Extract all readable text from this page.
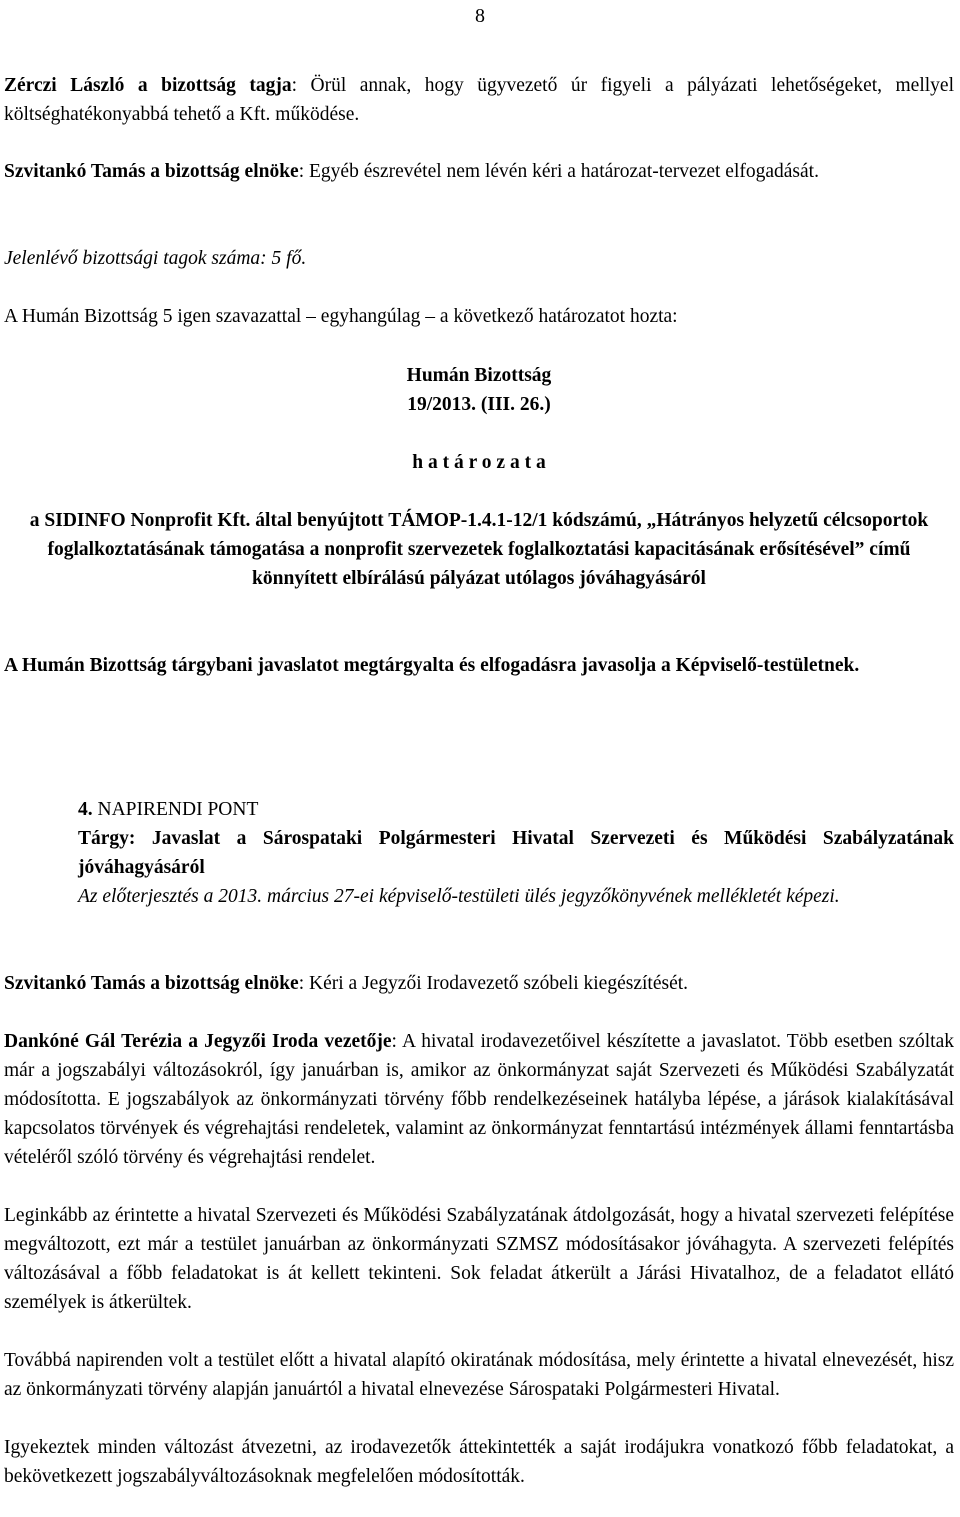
8

Zérczi László a bizottság tagja: Örül annak, hogy ügyvezető úr figyeli a pályázati lehetőségeket, mellyel költséghatékonyabbá tehető a Kft. működése.

Szvitankó Tamás a bizottság elnöke: Egyéb észrevétel nem lévén kéri a határozat-tervezet elfogadását.

Jelenlévő bizottsági tagok száma: 5 fő.

A Humán Bizottság 5 igen szavazattal – egyhangúlag – a következő határozatot hozta:

Humán Bizottság

19/2013. (III. 26.)

h a t á r o z a t a

a SIDINFO Nonprofit Kft. által benyújtott TÁMOP-1.4.1-12/1 kódszámú, „Hátrányos helyzetű célcsoportok foglalkoztatásának támogatása a nonprofit szervezetek foglalkoztatási kapacitásának erősítésével” című könnyített elbírálású pályázat utólagos jóváhagyásáról

A Humán Bizottság tárgybani javaslatot megtárgyalta és elfogadásra javasolja a Képviselő-testületnek.

4. NAPIRENDI PONT

Tárgy: Javaslat a Sárospataki Polgármesteri Hivatal Szervezeti és Működési Szabályzatának jóváhagyásáról

Az előterjesztés a 2013. március 27-ei képviselő-testületi ülés jegyzőkönyvének mellékletét képezi.

Szvitankó Tamás a bizottság elnöke: Kéri a Jegyzői Irodavezető szóbeli kiegészítését.

Dankóné Gál Terézia a Jegyzői Iroda vezetője: A hivatal irodavezetőivel készítette a javaslatot. Több esetben szóltak már a jogszabályi változásokról, így januárban is, amikor az önkormányzat saját Szervezeti és Működési Szabályzatát módosította. E jogszabályok az önkormányzati törvény főbb rendelkezéseinek hatályba lépése, a járások kialakításával kapcsolatos törvények és végrehajtási rendeletek, valamint az önkormányzat fenntartású intézmények állami fenntartásba vételéről szóló törvény és végrehajtási rendelet.

Leginkább az érintette a hivatal Szervezeti és Működési Szabályzatának átdolgozását, hogy a hivatal szervezeti felépítése megváltozott, ezt már a testület januárban az önkormányzati SZMSZ módosításakor jóváhagyta. A szervezeti felépítés változásával a főbb feladatokat is át kellett tekinteni. Sok feladat átkerült a Járási Hivatalhoz, de a feladatot ellátó személyek is átkerültek.

Továbbá napirenden volt a testület előtt a hivatal alapító okiratának módosítása, mely érintette a hivatal elnevezését, hisz az önkormányzati törvény alapján januártól a hivatal elnevezése Sárospataki Polgármesteri Hivatal.

Igyekeztek minden változást átvezetni, az irodavezetők áttekintették a saját irodájukra vonatkozó főbb feladatokat, a bekövetkezett jogszabályváltozásoknak megfelelően módosították.
